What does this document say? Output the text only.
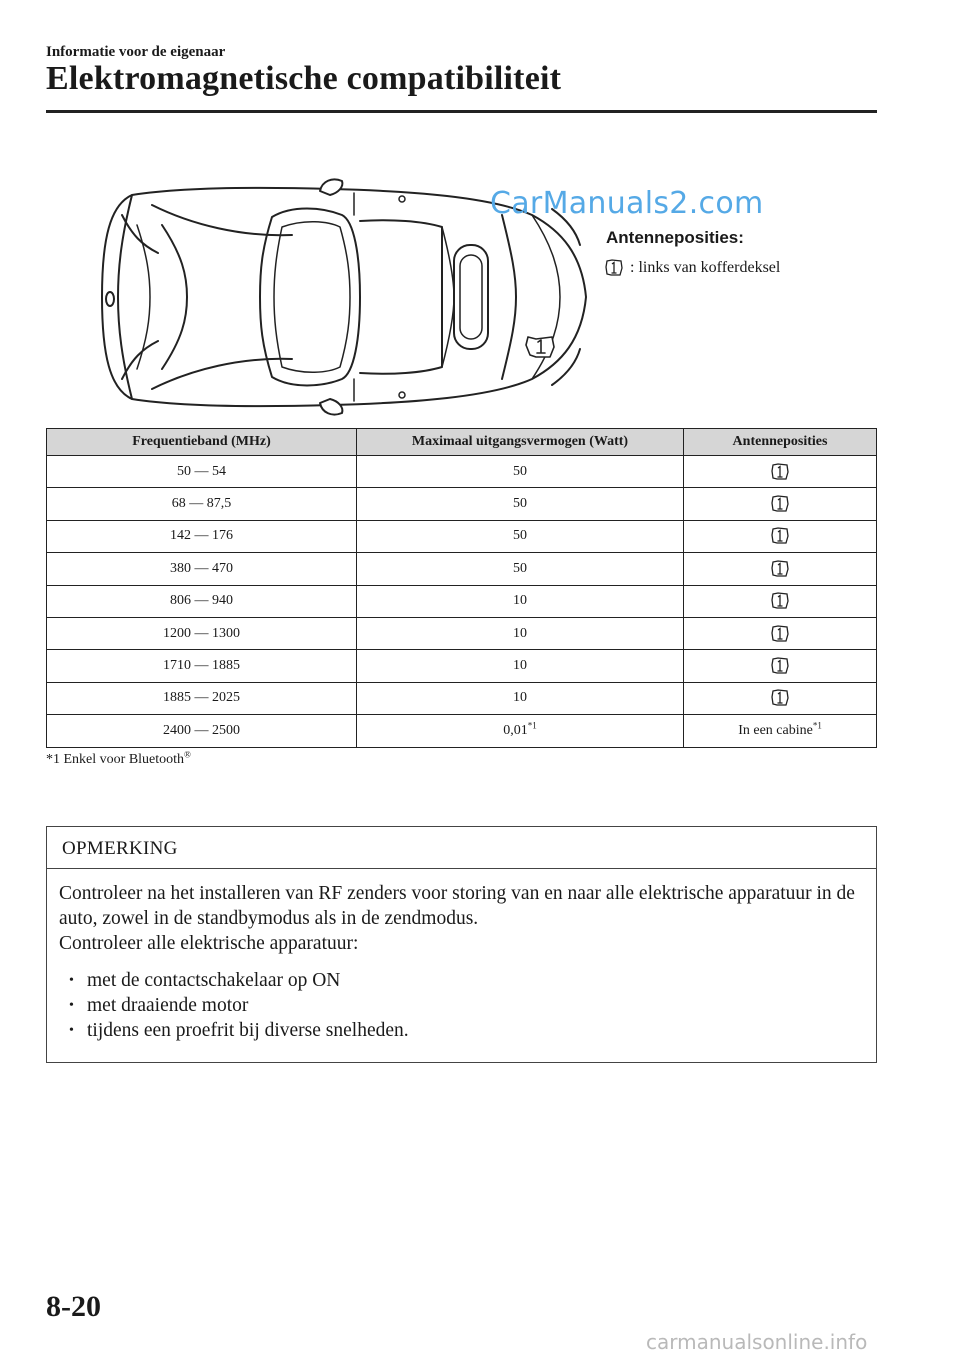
Informatie voor de eigenaar
Elektromagnetische compatibiliteit
CarManuals2.com
Antenneposities:
: links van kofferdeksel
Frequentieband (MHz)	Maximaal uitgangsvermogen (Watt)	Antenneposities
50 — 54	50	

68 — 87,5	50	

142 — 176	50	

380 — 470	50	

806 — 940	10	

1200 — 1300	10	

1710 — 1885	10	

1885 — 2025	10	

2400 — 2500	0,01$^{*1}$	In een cabine$^{*1}$
*1 Enkel voor Bluetooth®
OPMERKING

Controleer na het installeren van RF zenders voor storing van en naar alle elektrische apparatuur in de auto, zowel in de standbymodus als in de zendmodus.

Controleer alle elektrische apparatuur:

• met de contactschakelaar op ON
• met draaiende motor
• tijdens een proefrit bij diverse snelheden.
8-20
carmanualsonline.info
